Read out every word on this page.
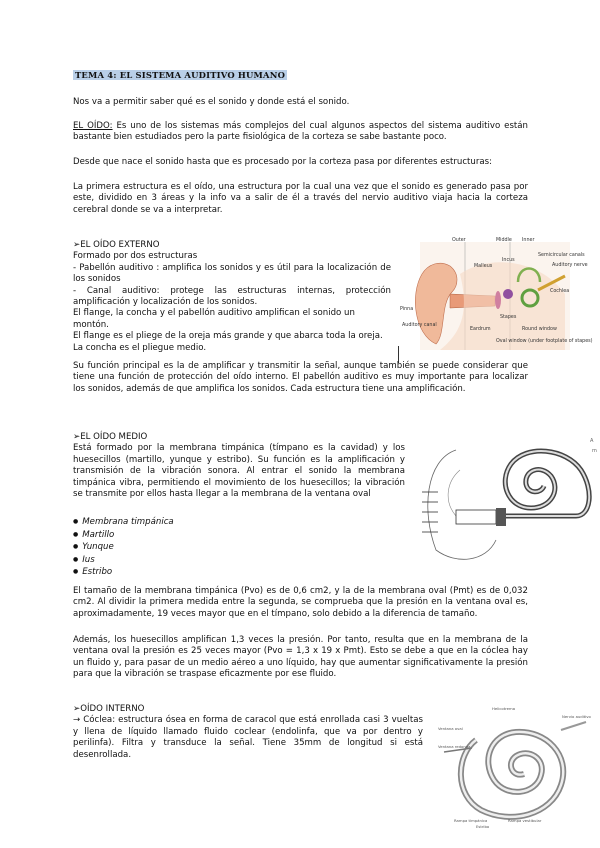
TEMA 4: EL SISTEMA AUDITIVO HUMANO
Nos va a permitir saber qué es el sonido y donde está el sonido.
EL OÍDO: Es uno de los sistemas más complejos del cual algunos aspectos del sistema auditivo están bastante bien estudiados pero la parte fisiológica de la corteza se sabe bastante poco.
Desde que nace el sonido hasta que es procesado por la corteza pasa por diferentes estructuras:
La primera estructura es el oído, una estructura por la cual una vez que el sonido es generado pasa por este, dividido en 3 áreas y la info va a salir de él a través del nervio auditivo viaja hacia la corteza cerebral donde se va a interpretar.
➢EL OÍDO EXTERNO
Formado por dos estructuras
- Pabellón auditivo : amplifica los sonidos y es útil para la localización de los sonidos
- Canal auditivo: protege las estructuras internas, protección amplificación y localización de los sonidos.
El flange, la concha y el pabellón auditivo amplifican el sonido un montón.
El flange es el pliege de la oreja más grande y que abarca toda la oreja.
La concha es el pliegue medio.
Su función principal es la de amplificar y transmitir la señal, aunque también se puede considerar que tiene una función de protección del oído interno. El pabellón auditivo es muy importante para localizar los sonidos, además de que amplifica los sonidos. Cada estructura tiene una amplificación.
Outer	Middle Inner
Semicircular canals
Incus
Auditory nerve
Malleus
Cochlea
Pinna
Stapes
Eardrum	Round window
Auditory canal
Oval window (under footplate of stapes)
➢EL OÍDO MEDIO
Está formado por la membrana timpánica (tímpano es la cavidad) y los huesecillos (martillo, yunque y estribo). Su función es la amplificación y transmisión de la vibración sonora. Al entrar el sonido la membrana timpánica vibra, permitiendo el movimiento de los huesecillos; la vibración se transmite por ellos hasta llegar a la membrana de la ventana oval
● Membrana timpánica
● Martillo
● Yunque
● Ius
● Estribo
A
m
El tamaño de la membrana timpánica (Pvo) es de 0,6 cm2, y la de la membrana oval (Pmt) es de 0,032 cm2. Al dividir la primera medida entre la segunda, se comprueba que la presión en la ventana oval es, aproximadamente, 19 veces mayor que en el tímpano, solo debido a la diferencia de tamaño.
Además, los huesecillos amplifican 1,3 veces la presión. Por tanto, resulta que en la membrana de la ventana oval la presión es 25 veces mayor (Pvo = 1,3 x 19 x Pmt). Esto se debe a que en la cóclea hay un fluido y, para pasar de un medio aéreo a uno líquido, hay que aumentar significativamente la presión para que la vibración se traspase eficazmente por ese fluido.
➢OÍDO INTERNO
→ Cóclea: estructura ósea en forma de caracol que está enrollada casi 3 vueltas y llena de líquido llamado fluido coclear (endolinfa, que va por dentro y perilinfa). Filtra y transduce la señal. Tiene 35mm de longitud si está desenrollada.
Helicotrema
Nervio auditivo
Ventana oval
Ventana redonda
Rampa timpánica	Rampa vestibular
Estribo
